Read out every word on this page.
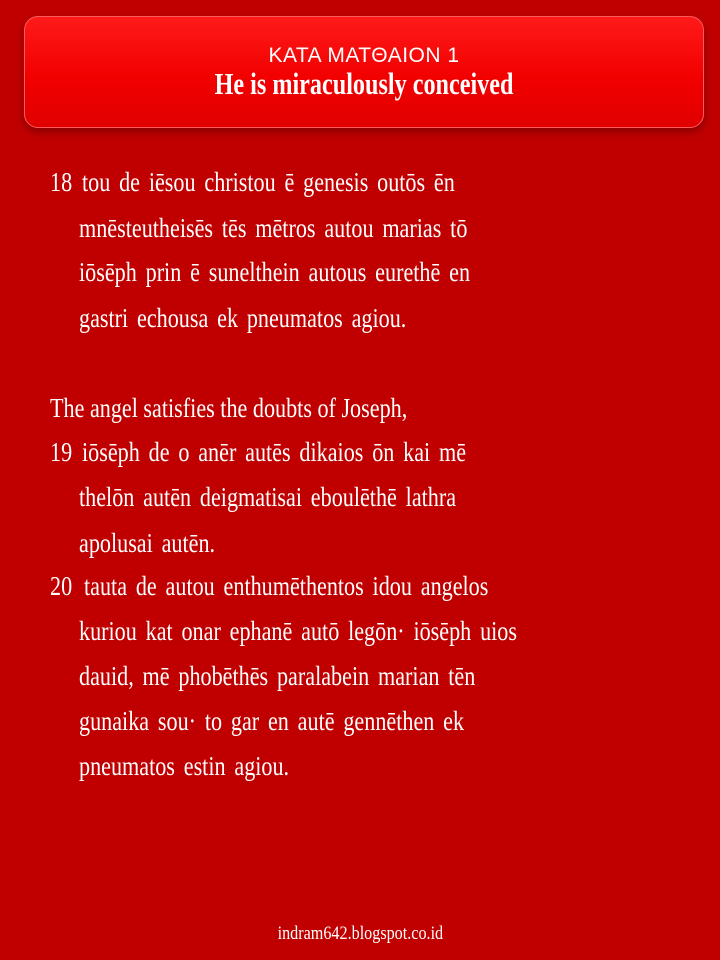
ΚΑΤΑ ΜΑΤΘΑΙΟΝ 1
He is miraculously conceived
18 tou de iēsou christou ē genesis outōs ēn
mnēsteutheisēs tēs mētros autou marias tō
iōsēph prin ē sunelthein autous eurethē en
gastri echousa ek pneumatos agiou.
The angel satisfies the doubts of Joseph,
19 iōsēph de o anēr autēs dikaios ōn kai mē
thelōn autēn deigmatisai eboulēthē lathra
apolusai autēn.
20 tauta de autou enthumēthentos idou angelos
kuriou kat onar ephanē autō legōn· iōsēph uios
dauid, mē phobēthēs paralabein marian tēn
gunaika sou· to gar en autē gennēthen ek
pneumatos estin agiou.
indram642.blogspot.co.id
